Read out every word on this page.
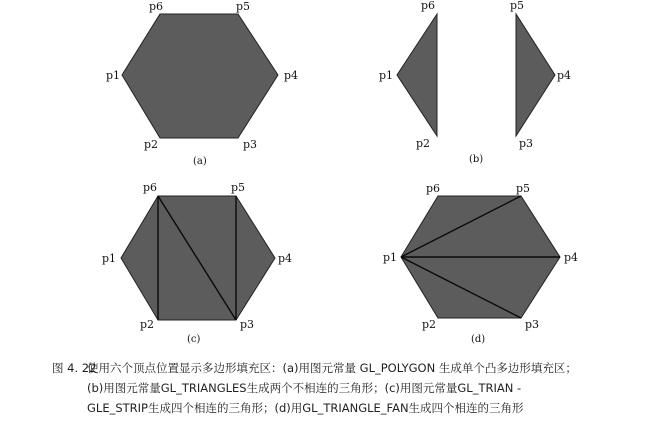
p6	p5
p1	p4
p2	p3
(a)
p6	p5
p1	p4
p2	p3
(b)
p6	p5
p1	p4
p2	p3
(c)
p6	p5
p1	p4
p2	p3
(d)
图 4. 22使用六个顶点位置显示多边形填充区：(a)用图元常量 GL_POLYGON 生成单个凸多边形填充区；
(b)用图元常量GL_TRIANGLES生成两个不相连的三角形；(c)用图元常量GL_TRIAN -
GLE_STRIP生成四个相连的三角形；(d)用GL_TRIANGLE_FAN生成四个相连的三角形
